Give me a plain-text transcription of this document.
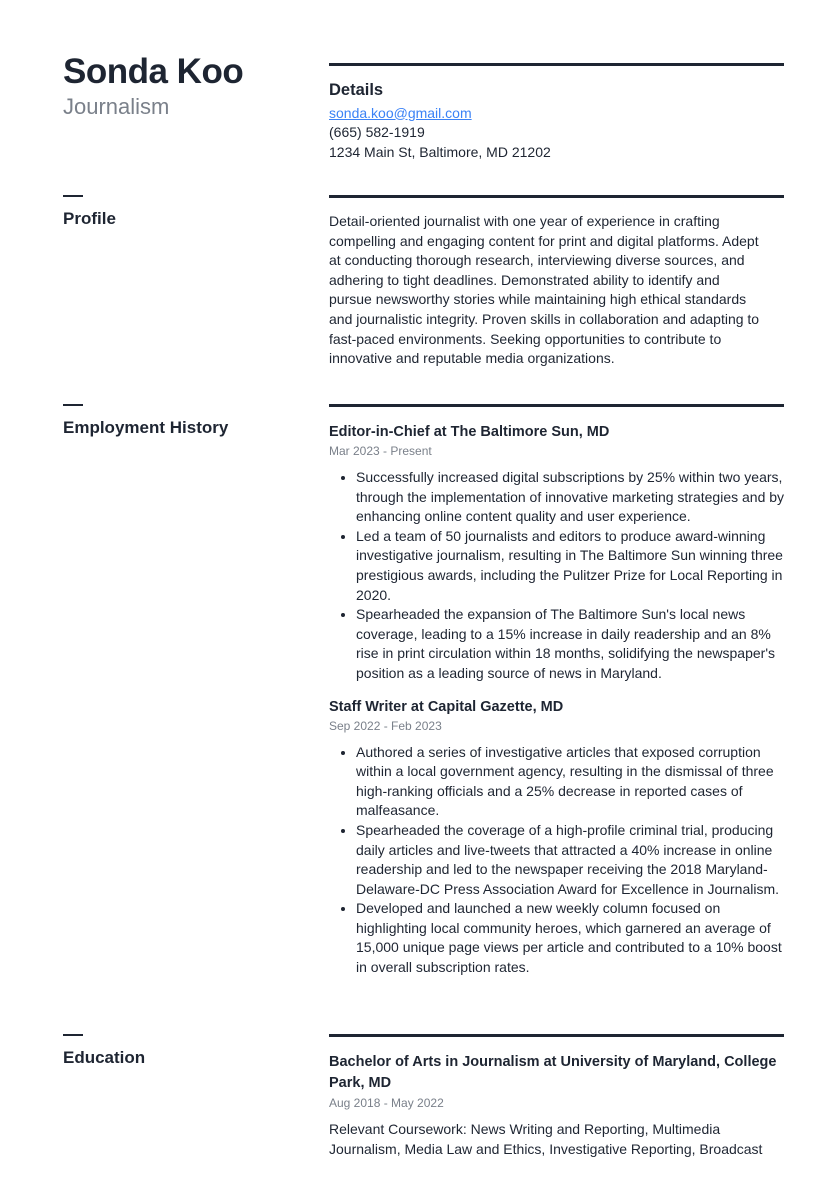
Sonda Koo
Journalism
Details
sonda.koo@gmail.com
(665) 582-1919
1234 Main St, Baltimore, MD 21202
Profile	Detail-oriented journalist with one year of experience in crafting compelling and engaging content for print and digital platforms. Adept at conducting thorough research, interviewing diverse sources, and adhering to tight deadlines. Demonstrated ability to identify and pursue newsworthy stories while maintaining high ethical standards and journalistic integrity. Proven skills in collaboration and adapting to fast-paced environments. Seeking opportunities to contribute to innovative and reputable media organizations.
Employment History	Editor-in-Chief at The Baltimore Sun, MD
Mar 2023 - Present
• Successfully increased digital subscriptions by 25% within two years, through the implementation of innovative marketing strategies and by enhancing online content quality and user experience.
• Led a team of 50 journalists and editors to produce award-winning investigative journalism, resulting in The Baltimore Sun winning three prestigious awards, including the Pulitzer Prize for Local Reporting in 2020.
• Spearheaded the expansion of The Baltimore Sun's local news coverage, leading to a 15% increase in daily readership and an 8% rise in print circulation within 18 months, solidifying the newspaper's position as a leading source of news in Maryland.
Staff Writer at Capital Gazette, MD
Sep 2022 - Feb 2023
• Authored a series of investigative articles that exposed corruption within a local government agency, resulting in the dismissal of three high-ranking officials and a 25% decrease in reported cases of malfeasance.
• Spearheaded the coverage of a high-profile criminal trial, producing daily articles and live-tweets that attracted a 40% increase in online readership and led to the newspaper receiving the 2018 Maryland-Delaware-DC Press Association Award for Excellence in Journalism.
• Developed and launched a new weekly column focused on highlighting local community heroes, which garnered an average of 15,000 unique page views per article and contributed to a 10% boost in overall subscription rates.
Education	Bachelor of Arts in Journalism at University of Maryland, College Park, MD
Aug 2018 - May 2022
Relevant Coursework: News Writing and Reporting, Multimedia Journalism, Media Law and Ethics, Investigative Reporting, Broadcast
